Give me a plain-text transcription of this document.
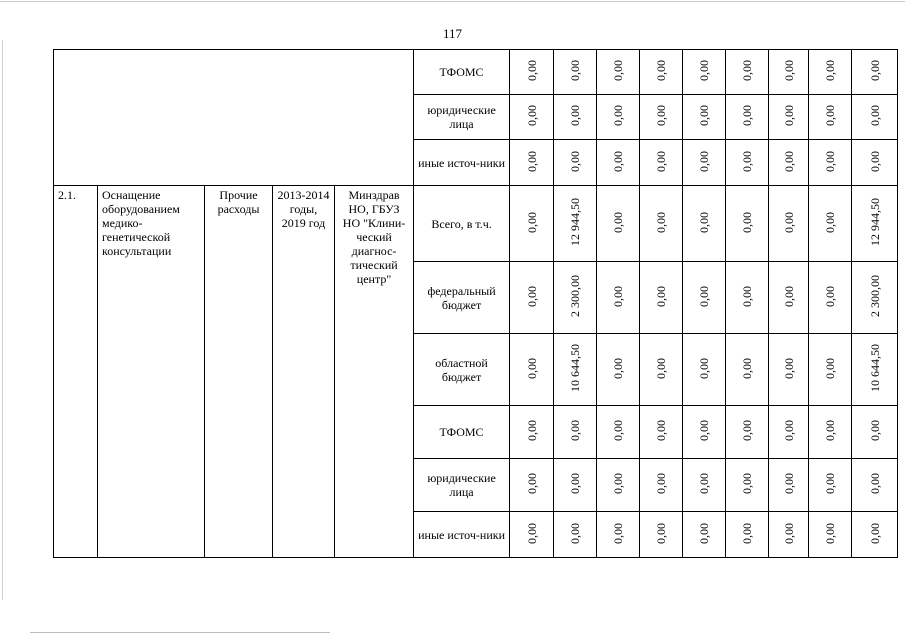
117
					ТФОМС	0,00	0,00	0,00	0,00	0,00	0,00	0,00	0,00	0,00
					юридические лица	0,00	0,00	0,00	0,00	0,00	0,00	0,00	0,00	0,00
					иные источ-ники	0,00	0,00	0,00	0,00	0,00	0,00	0,00	0,00	0,00
2.1.	Оснащение оборудованием медико-генетической консультации	Прочие расходы	2013-2014 годы, 2019 год	Минздрав НО, ГБУЗ НО "Клини-ческий диагнос-тический центр"	Всего, в т.ч.	0,00	12 944,50	0,00	0,00	0,00	0,00	0,00	0,00	12 944,50
					федеральный бюджет	0,00	2 300,00	0,00	0,00	0,00	0,00	0,00	0,00	2 300,00
					областной бюджет	0,00	10 644,50	0,00	0,00	0,00	0,00	0,00	0,00	10 644,50
					ТФОМС	0,00	0,00	0,00	0,00	0,00	0,00	0,00	0,00	0,00
					юридические лица	0,00	0,00	0,00	0,00	0,00	0,00	0,00	0,00	0,00
					иные источ-ники	0,00	0,00	0,00	0,00	0,00	0,00	0,00	0,00	0,00
